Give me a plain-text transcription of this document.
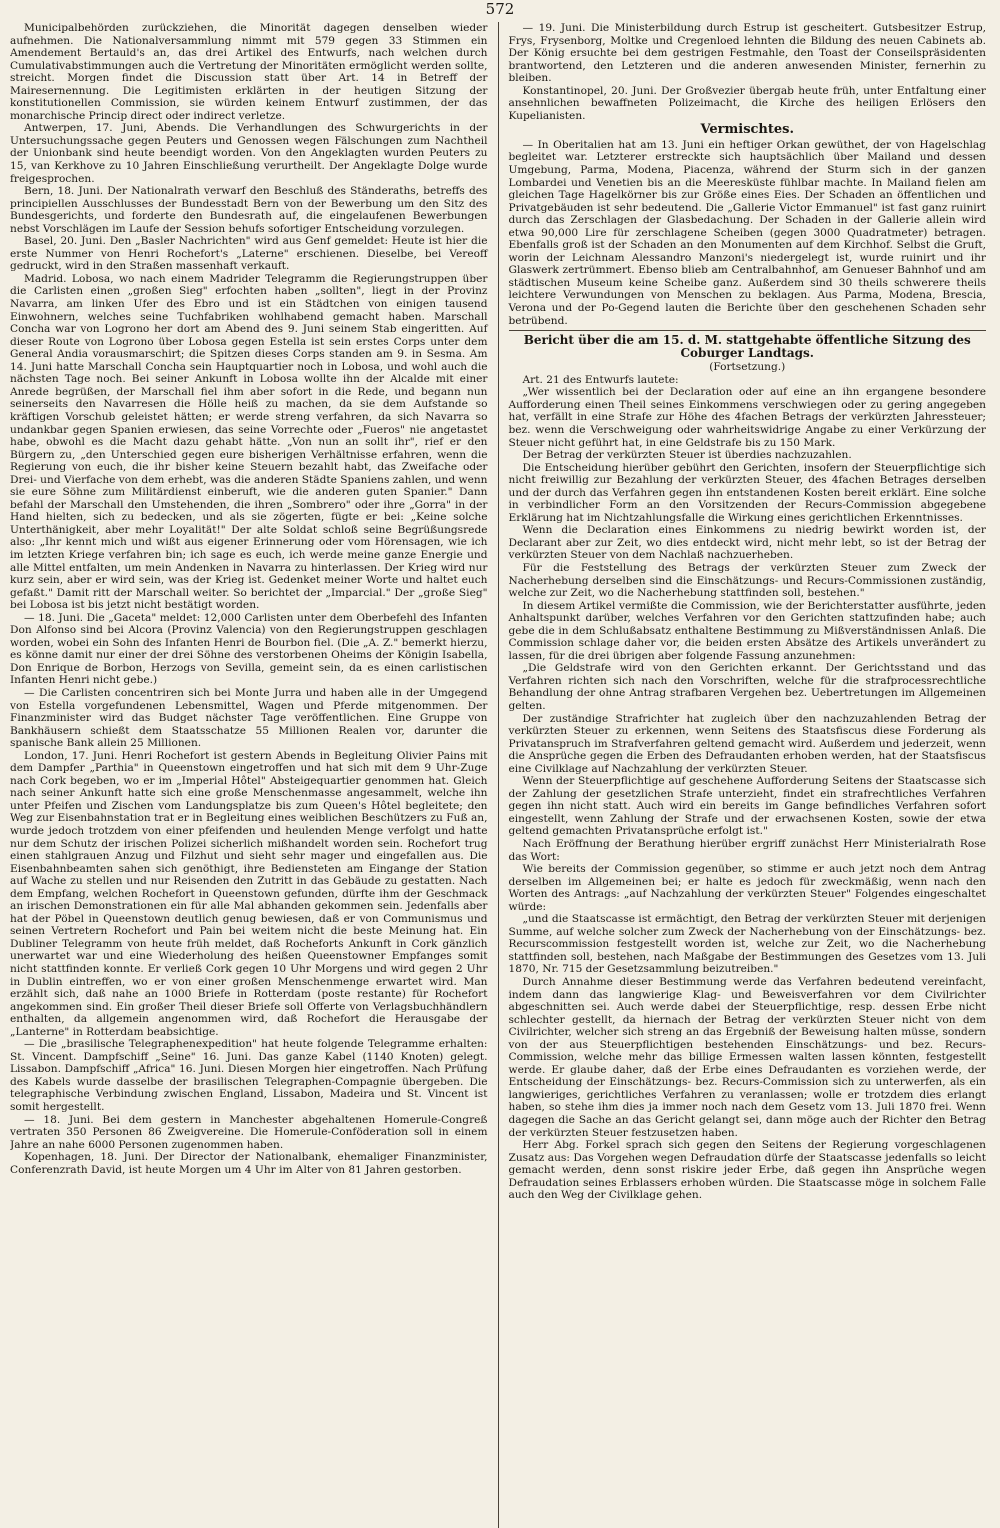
572

Municipalbehörden zurückziehen, die Minorität dagegen denselben wieder aufnehmen. Die Nationalversammlung nimmt mit 579 gegen 33 Stimmen ein Amendement Bertauld's an, das drei Artikel des Entwurfs, nach welchen durch Cumulativabstimmungen auch die Vertretung der Minoritäten ermöglicht werden sollte, streicht. Morgen findet die Discussion statt über Art. 14 in Betreff der Mairesernennung. Die Legitimisten erklärten in der heutigen Sitzung der konstitutionellen Commission, sie würden keinem Entwurf zustimmen, der das monarchische Princip direct oder indirect verletze.

Antwerpen, 17. Juni, Abends. Die Verhandlungen des Schwurgerichts in der Untersuchungssache gegen Peuters und Genossen wegen Fälschungen zum Nachtheil der Unionbank sind heute beendigt worden. Von den Angeklagten wurden Peuters zu 15, van Kerkhove zu 10 Jahren Einschließung verurtheilt. Der Angeklagte Dolge wurde freigesprochen.

Bern, 18. Juni. Der Nationalrath verwarf den Beschluß des Ständeraths, betreffs des principiellen Ausschlusses der Bundesstadt Bern von der Bewerbung um den Sitz des Bundesgerichts, und forderte den Bundesrath auf, die eingelaufenen Bewerbungen nebst Vorschlägen im Laufe der Session behufs sofortiger Entscheidung vorzulegen.

Basel, 20. Juni. Den „Basler Nachrichten" wird aus Genf gemeldet: Heute ist hier die erste Nummer von Henri Rochefort's „Laterne" erschienen. Dieselbe, bei Vereoff gedruckt, wird in den Straßen massenhaft verkauft.

Madrid. Lobosa, wo nach einem Madrider Telegramm die Regierungstruppen über die Carlisten einen „großen Sieg" erfochten haben „sollten", liegt in der Provinz Navarra, am linken Ufer des Ebro und ist ein Städtchen von einigen tausend Einwohnern, welches seine Tuchfabriken wohlhabend gemacht haben. Marschall Concha war von Logrono her dort am Abend des 9. Juni seinem Stab eingeritten. Auf dieser Route von Logrono über Lobosa gegen Estella ist sein erstes Corps unter dem General Andia vorausmarschirt; die Spitzen dieses Corps standen am 9. in Sesma. Am 14. Juni hatte Marschall Concha sein Hauptquartier noch in Lobosa, und wohl auch die nächsten Tage noch. Bei seiner Ankunft in Lobosa wollte ihn der Alcalde mit einer Anrede begrüßen, der Marschall fiel ihm aber sofort in die Rede, und begann nun seinerseits den Navarresen die Hölle heiß zu machen, da sie dem Aufstande so kräftigen Vorschub geleistet hätten; er werde streng verfahren, da sich Navarra so undankbar gegen Spanien erwiesen, das seine Vorrechte oder „Fueros" nie angetastet habe, obwohl es die Macht dazu gehabt hätte. „Von nun an sollt ihr", rief er den Bürgern zu, „den Unterschied gegen eure bisherigen Verhältnisse erfahren, wenn die Regierung von euch, die ihr bisher keine Steuern bezahlt habt, das Zweifache oder Drei- und Vierfache von dem erhebt, was die anderen Städte Spaniens zahlen, und wenn sie eure Söhne zum Militärdienst einberuft, wie die anderen guten Spanier." Dann befahl der Marschall den Umstehenden, die ihren „Sombrero" oder ihre „Gorra" in der Hand hielten, sich zu bedecken, und als sie zögerten, fügte er bei: „Keine solche Unterthänigkeit, aber mehr Loyalität!" Der alte Soldat schloß seine Begrüßungsrede also: „Ihr kennt mich und wißt aus eigener Erinnerung oder vom Hörensagen, wie ich im letzten Kriege verfahren bin; ich sage es euch, ich werde meine ganze Energie und alle Mittel entfalten, um mein Andenken in Navarra zu hinterlassen. Der Krieg wird nur kurz sein, aber er wird sein, was der Krieg ist. Gedenket meiner Worte und haltet euch gefaßt." Damit ritt der Marschall weiter. So berichtet der „Imparcial." Der „große Sieg" bei Lobosa ist bis jetzt nicht bestätigt worden.

— 18. Juni. Die „Gaceta" meldet: 12,000 Carlisten unter dem Oberbefehl des Infanten Don Alfonso sind bei Alcora (Provinz Valencia) von den Regierungstruppen geschlagen worden, wobei ein Sohn des Infanten Henri de Bourbon fiel. (Die „A. Z." bemerkt hierzu, es könne damit nur einer der drei Söhne des verstorbenen Oheims der Königin Isabella, Don Enrique de Borbon, Herzogs von Sevilla, gemeint sein, da es einen carlistischen Infanten Henri nicht gebe.)

— Die Carlisten concentriren sich bei Monte Jurra und haben alle in der Umgegend von Estella vorgefundenen Lebensmittel, Wagen und Pferde mitgenommen. Der Finanzminister wird das Budget nächster Tage veröffentlichen. Eine Gruppe von Bankhäusern schießt dem Staatsschatze 55 Millionen Realen vor, darunter die spanische Bank allein 25 Millionen.

London, 17. Juni. Henri Rochefort ist gestern Abends in Begleitung Olivier Pains mit dem Dampfer „Parthia" in Queenstown eingetroffen und hat sich mit dem 9 Uhr-Zuge nach Cork begeben, wo er im „Imperial Hôtel" Absteigequartier genommen hat. Gleich nach seiner Ankunft hatte sich eine große Menschenmasse angesammelt, welche ihn unter Pfeifen und Zischen vom Landungsplatze bis zum Queen's Hôtel begleitete; den Weg zur Eisenbahnstation trat er in Begleitung eines weiblichen Beschützers zu Fuß an, wurde jedoch trotzdem von einer pfeifenden und heulenden Menge verfolgt und hatte nur dem Schutz der irischen Polizei sicherlich mißhandelt worden sein. Rochefort trug einen stahlgrauen Anzug und Filzhut und sieht sehr mager und eingefallen aus. Die Eisenbahnbeamten sahen sich genöthigt, ihre Bediensteten am Eingange der Station auf Wache zu stellen und nur Reisenden den Zutritt in das Gebäude zu gestatten. Nach dem Empfang, welchen Rochefort in Queenstown gefunden, dürfte ihm der Geschmack an irischen Demonstrationen ein für alle Mal abhanden gekommen sein. Jedenfalls aber hat der Pöbel in Queenstown deutlich genug bewiesen, daß er von Communismus und seinen Vertretern Rochefort und Pain bei weitem nicht die beste Meinung hat. Ein Dubliner Telegramm von heute früh meldet, daß Rocheforts Ankunft in Cork gänzlich unerwartet war und eine Wiederholung des heißen Queenstowner Empfanges somit nicht stattfinden konnte. Er verließ Cork gegen 10 Uhr Morgens und wird gegen 2 Uhr in Dublin eintreffen, wo er von einer großen Menschenmenge erwartet wird. Man erzählt sich, daß nahe an 1000 Briefe in Rotterdam (poste restante) für Rochefort angekommen sind. Ein großer Theil dieser Briefe soll Offerte von Verlagsbuchhändlern enthalten, da allgemein angenommen wird, daß Rochefort die Herausgabe der „Lanterne" in Rotterdam beabsichtige.

— Die „brasilische Telegraphenexpedition" hat heute folgende Telegramme erhalten: St. Vincent. Dampfschiff „Seine" 16. Juni. Das ganze Kabel (1140 Knoten) gelegt. Lissabon. Dampfschiff „Africa" 16. Juni. Diesen Morgen hier eingetroffen. Nach Prüfung des Kabels wurde dasselbe der brasilischen Telegraphen-Compagnie übergeben. Die telegraphische Verbindung zwischen England, Lissabon, Madeira und St. Vincent ist somit hergestellt.

— 18. Juni. Bei dem gestern in Manchester abgehaltenen Homerule-Congreß vertraten 350 Personen 86 Zweigvereine. Die Homerule-Conföderation soll in einem Jahre an nahe 6000 Personen zugenommen haben.

Kopenhagen, 18. Juni. Der Director der Nationalbank, ehemaliger Finanzminister, Conferenzrath David, ist heute Morgen um 4 Uhr im Alter von 81 Jahren gestorben.

— 19. Juni. Die Ministerbildung durch Estrup ist gescheitert. Gutsbesitzer Estrup, Frys, Frysenborg, Moltke und Cregenloed lehnten die Bildung des neuen Cabinets ab. Der König ersuchte bei dem gestrigen Festmahle, den Toast der Conseilspräsidenten brantwortend, den Letzteren und die anderen anwesenden Minister, fernerhin zu bleiben.

Konstantinopel, 20. Juni. Der Großvezier übergab heute früh, unter Entfaltung einer ansehnlichen bewaffneten Polizeimacht, die Kirche des heiligen Erlösers den Kupelianisten.

Vermischtes.

— In Oberitalien hat am 13. Juni ein heftiger Orkan gewüthet, der von Hagelschlag begleitet war. Letzterer erstreckte sich hauptsächlich über Mailand und dessen Umgebung, Parma, Modena, Piacenza, während der Sturm sich in der ganzen Lombardei und Venetien bis an die Meeresküste fühlbar machte. In Mailand fielen am gleichen Tage Hagelkörner bis zur Größe eines Eies. Der Schaden an öffentlichen und Privatgebäuden ist sehr bedeutend. Die „Gallerie Victor Emmanuel" ist fast ganz ruinirt durch das Zerschlagen der Glasbedachung. Der Schaden in der Gallerie allein wird etwa 90,000 Lire für zerschlagene Scheiben (gegen 3000 Quadratmeter) betragen. Ebenfalls groß ist der Schaden an den Monumenten auf dem Kirchhof. Selbst die Gruft, worin der Leichnam Alessandro Manzoni's niedergelegt ist, wurde ruinirt und ihr Glaswerk zertrümmert. Ebenso blieb am Centralbahnhof, am Genueser Bahnhof und am städtischen Museum keine Scheibe ganz. Außerdem sind 30 theils schwerere theils leichtere Verwundungen von Menschen zu beklagen. Aus Parma, Modena, Brescia, Verona und der Po-Gegend lauten die Berichte über den geschehenen Schaden sehr betrübend.

Bericht über die am 15. d. M. stattgehabte öffentliche Sitzung des Coburger Landtags.
(Fortsetzung.)

Art. 21 des Entwurfs lautete:

„Wer wissentlich bei der Declaration oder auf eine an ihn ergangene besondere Aufforderung einen Theil seines Einkommens verschwiegen oder zu gering angegeben hat, verfällt in eine Strafe zur Höhe des 4fachen Betrags der verkürzten Jahressteuer; bez. wenn die Verschweigung oder wahrheitswidrige Angabe zu einer Verkürzung der Steuer nicht geführt hat, in eine Geldstrafe bis zu 150 Mark.

Der Betrag der verkürzten Steuer ist überdies nachzuzahlen.

Die Entscheidung hierüber gebührt den Gerichten, insofern der Steuerpflichtige sich nicht freiwillig zur Bezahlung der verkürzten Steuer, des 4fachen Betrages derselben und der durch das Verfahren gegen ihn entstandenen Kosten bereit erklärt. Eine solche in verbindlicher Form an den Vorsitzenden der Recurs-Commission abgegebene Erklärung hat im Nichtzahlungsfalle die Wirkung eines gerichtlichen Erkenntnisses.

Wenn die Declaration eines Einkommens zu niedrig bewirkt worden ist, der Declarant aber zur Zeit, wo dies entdeckt wird, nicht mehr lebt, so ist der Betrag der verkürzten Steuer von dem Nachlaß nachzuerheben.

Für die Feststellung des Betrags der verkürzten Steuer zum Zweck der Nacherhebung derselben sind die Einschätzungs- und Recurs-Commissionen zuständig, welche zur Zeit, wo die Nacherhebung stattfinden soll, bestehen."

In diesem Artikel vermißte die Commission, wie der Berichterstatter ausführte, jeden Anhaltspunkt darüber, welches Verfahren vor den Gerichten stattzufinden habe; auch gebe die in dem Schlußabsatz enthaltene Bestimmung zu Mißverständnissen Anlaß. Die Commission schlage daher vor, die beiden ersten Absätze des Artikels unverändert zu lassen, für die drei übrigen aber folgende Fassung anzunehmen:

„Die Geldstrafe wird von den Gerichten erkannt. Der Gerichtsstand und das Verfahren richten sich nach den Vorschriften, welche für die strafprocessrechtliche Behandlung der ohne Antrag strafbaren Vergehen bez. Uebertretungen im Allgemeinen gelten.

Der zuständige Strafrichter hat zugleich über den nachzuzahlenden Betrag der verkürzten Steuer zu erkennen, wenn Seitens des Staatsfiscus diese Forderung als Privatanspruch im Strafverfahren geltend gemacht wird. Außerdem und jederzeit, wenn die Ansprüche gegen die Erben des Defraudanten erhoben werden, hat der Staatsfiscus eine Civilklage auf Nachzahlung der verkürzten Steuer.

Wenn der Steuerpflichtige auf geschehene Aufforderung Seitens der Staatscasse sich der Zahlung der gesetzlichen Strafe unterzieht, findet ein strafrechtliches Verfahren gegen ihn nicht statt. Auch wird ein bereits im Gange befindliches Verfahren sofort eingestellt, wenn Zahlung der Strafe und der erwachsenen Kosten, sowie der etwa geltend gemachten Privatansprüche erfolgt ist."

Nach Eröffnung der Berathung hierüber ergriff zunächst Herr Ministerialrath Rose das Wort:

Wie bereits der Commission gegenüber, so stimme er auch jetzt noch dem Antrag derselben im Allgemeinen bei; er halte es jedoch für zweckmäßig, wenn nach den Worten des Antrags: „auf Nachzahlung der verkürzten Steuer" Folgendes eingeschaltet würde:

„und die Staatscasse ist ermächtigt, den Betrag der verkürzten Steuer mit derjenigen Summe, auf welche solcher zum Zweck der Nacherhebung von der Einschätzungs- bez. Recurscommission festgestellt worden ist, welche zur Zeit, wo die Nacherhebung stattfinden soll, bestehen, nach Maßgabe der Bestimmungen des Gesetzes vom 13. Juli 1870, Nr. 715 der Gesetzsammlung beizutreiben."

Durch Annahme dieser Bestimmung werde das Verfahren bedeutend vereinfacht, indem dann das langwierige Klag- und Beweisverfahren vor dem Civilrichter abgeschnitten sei. Auch werde dabei der Steuerpflichtige, resp. dessen Erbe nicht schlechter gestellt, da hiernach der Betrag der verkürzten Steuer nicht von dem Civilrichter, welcher sich streng an das Ergebniß der Beweisung halten müsse, sondern von der aus Steuerpflichtigen bestehenden Einschätzungs- und bez. Recurs-Commission, welche mehr das billige Ermessen walten lassen könnten, festgestellt werde. Er glaube daher, daß der Erbe eines Defraudanten es vorziehen werde, der Entscheidung der Einschätzungs- bez. Recurs-Commission sich zu unterwerfen, als ein langwieriges, gerichtliches Verfahren zu veranlassen; wolle er trotzdem dies erlangt haben, so stehe ihm dies ja immer noch nach dem Gesetz vom 13. Juli 1870 frei. Wenn dagegen die Sache an das Gericht gelangt sei, dann möge auch der Richter den Betrag der verkürzten Steuer festzusetzen haben.

Herr Abg. Forkel sprach sich gegen den Seitens der Regierung vorgeschlagenen Zusatz aus: Das Vorgehen wegen Defraudation dürfe der Staatscasse jedenfalls so leicht gemacht werden, denn sonst riskire jeder Erbe, daß gegen ihn Ansprüche wegen Defraudation seines Erblassers erhoben würden. Die Staatscasse möge in solchem Falle auch den Weg der Civilklage gehen.
